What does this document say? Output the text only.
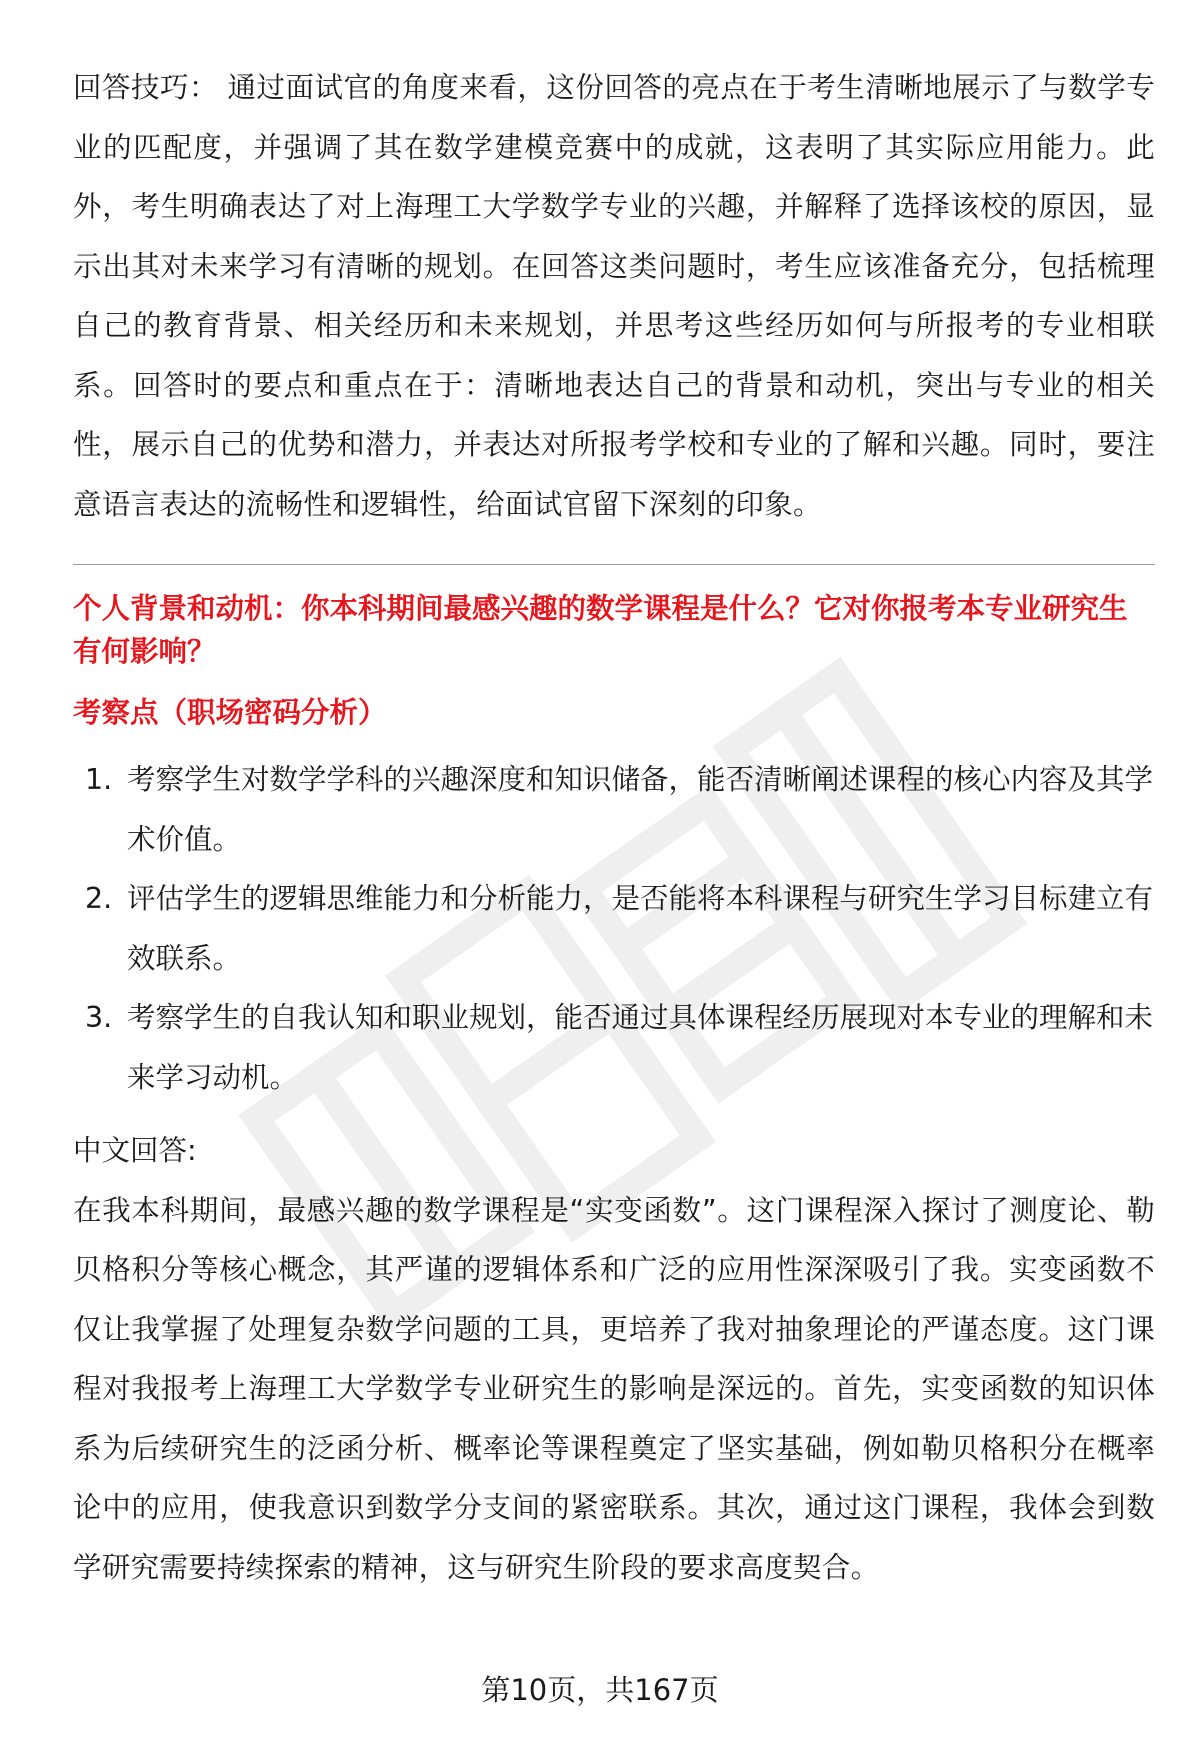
回答技巧： 通过面试官的角度来看，这份回答的亮点在于考生清晰地展示了与数学专业的匹配度，并强调了其在数学建模竞赛中的成就，这表明了其实际应用能力。此外，考生明确表达了对上海理工大学数学专业的兴趣，并解释了选择该校的原因，显示出其对未来学习有清晰的规划。在回答这类问题时，考生应该准备充分，包括梳理自己的教育背景、相关经历和未来规划，并思考这些经历如何与所报考的专业相联系。回答时的要点和重点在于：清晰地表达自己的背景和动机，突出与专业的相关性，展示自己的优势和潜力，并表达对所报考学校和专业的了解和兴趣。同时，要注意语言表达的流畅性和逻辑性，给面试官留下深刻的印象。

个人背景和动机：你本科期间最感兴趣的数学课程是什么？它对你报考本专业研究生有何影响？
考察点（职场密码分析）
1. 考察学生对数学学科的兴趣深度和知识储备，能否清晰阐述课程的核心内容及其学术价值。
2. 评估学生的逻辑思维能力和分析能力，是否能将本科课程与研究生学习目标建立有效联系。
3. 考察学生的自我认知和职业规划，能否通过具体课程经历展现对本专业的理解和未来学习动机。

中文回答:

在我本科期间，最感兴趣的数学课程是“实变函数”。这门课程深入探讨了测度论、勒贝格积分等核心概念，其严谨的逻辑体系和广泛的应用性深深吸引了我。实变函数不仅让我掌握了处理复杂数学问题的工具，更培养了我对抽象理论的严谨态度。这门课程对我报考上海理工大学数学专业研究生的影响是深远的。首先，实变函数的知识体系为后续研究生的泛函分析、概率论等课程奠定了坚实基础，例如勒贝格积分在概率论中的应用，使我意识到数学分支间的紧密联系。其次，通过这门课程，我体会到数学研究需要持续探索的精神，这与研究生阶段的要求高度契合。

第10页，共167页
